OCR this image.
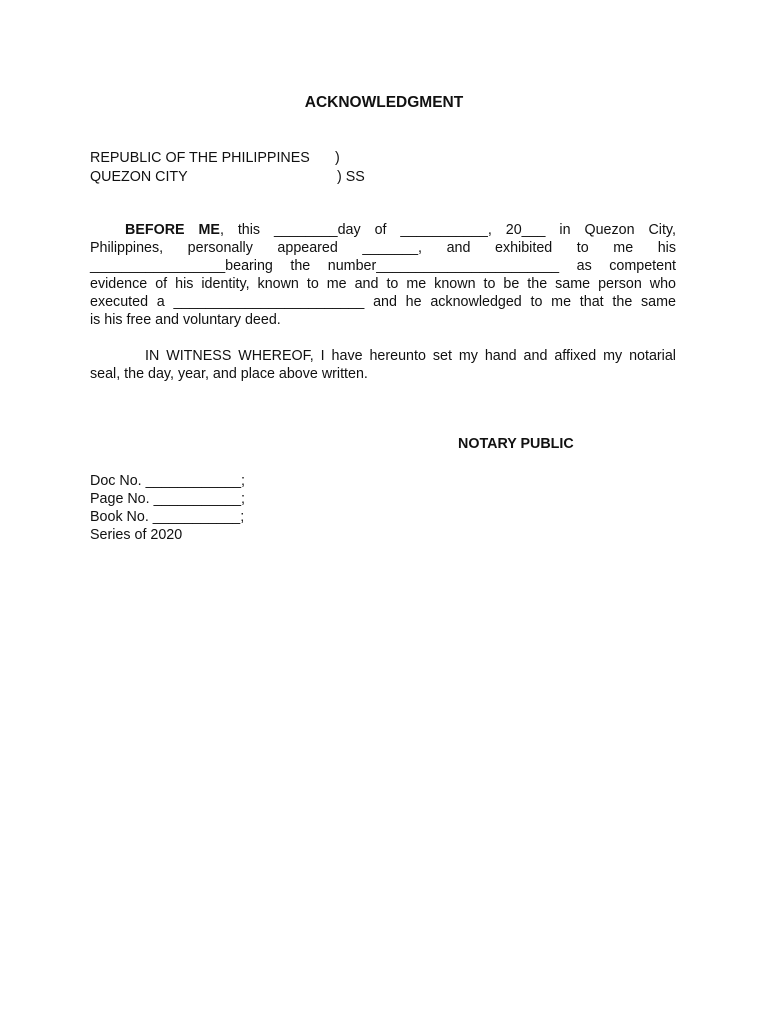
ACKNOWLEDGMENT
REPUBLIC OF THE PHILIPPINES )
QUEZON CITY	) SS
BEFORE ME, this ________day of ___________, 20___ in Quezon City,
Philippines, personally appeared _______, and exhibited to me his
_________________bearing the number_______________________ as competent
evidence of his identity, known to me and to me known to be the same person who
executed a ________________________ and he acknowledged to me that the same
is his free and voluntary deed.
IN WITNESS WHEREOF, I have hereunto set my hand and affixed my notarial
seal, the day, year, and place above written.
NOTARY PUBLIC
Doc No. ____________;
Page No. ___________;
Book No. ___________;
Series of 2020
